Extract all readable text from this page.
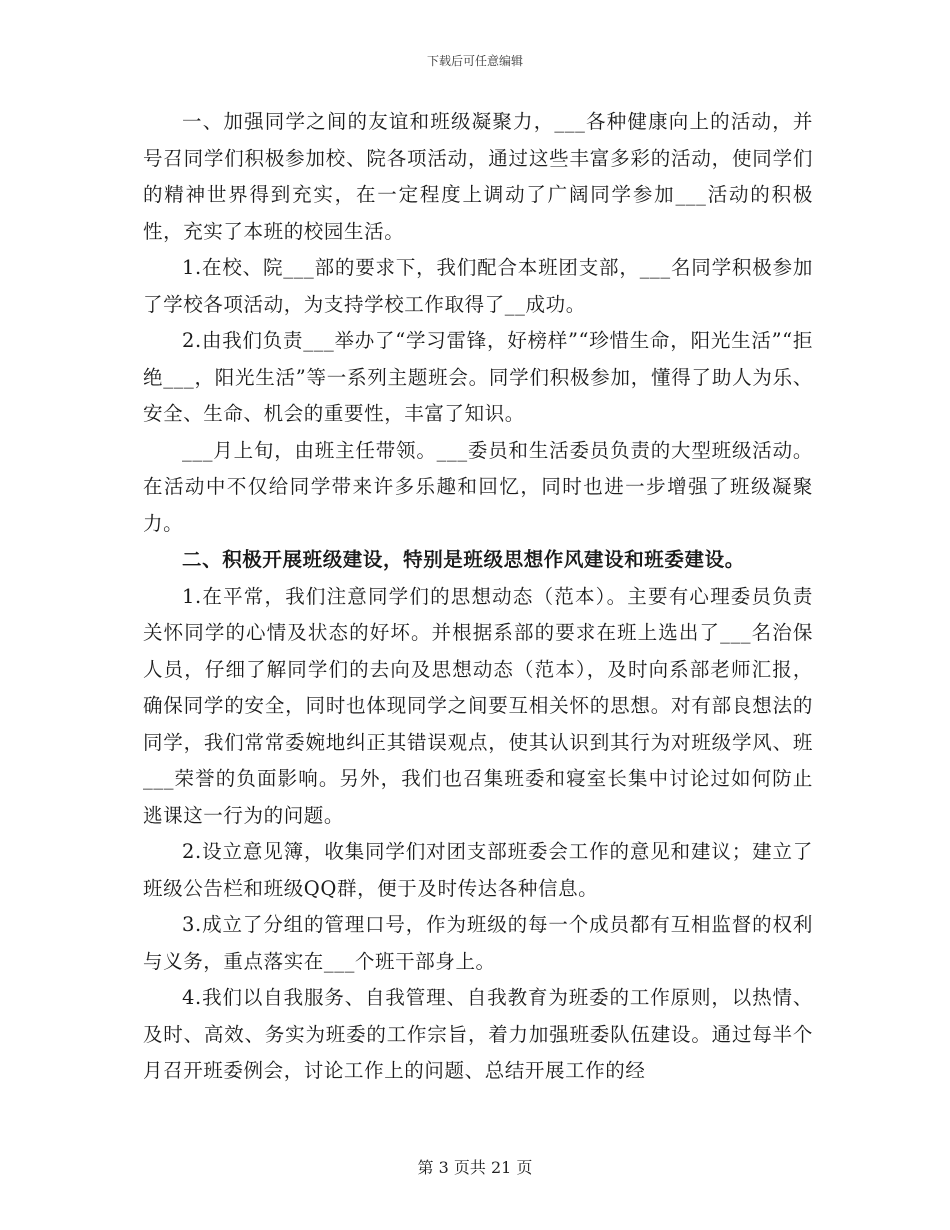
下载后可任意编辑

一、加强同学之间的友谊和班级凝聚力，___各种健康向上的活动，并号召同学们积极参加校、院各项活动，通过这些丰富多彩的活动，使同学们的精神世界得到充实，在一定程度上调动了广阔同学参加___活动的积极性，充实了本班的校园生活。

1.在校、院___部的要求下，我们配合本班团支部，___名同学积极参加了学校各项活动，为支持学校工作取得了__成功。

2.由我们负责___举办了“学习雷锋，好榜样”“珍惜生命，阳光生活”“拒绝___，阳光生活”等一系列主题班会。同学们积极参加，懂得了助人为乐、安全、生命、机会的重要性，丰富了知识。

___月上旬，由班主任带领。___委员和生活委员负责的大型班级活动。在活动中不仅给同学带来许多乐趣和回忆，同时也进一步增强了班级凝聚力。

二、积极开展班级建设，特别是班级思想作风建设和班委建设。

1.在平常，我们注意同学们的思想动态（范本）。主要有心理委员负责关怀同学的心情及状态的好坏。并根据系部的要求在班上选出了___名治保人员，仔细了解同学们的去向及思想动态（范本），及时向系部老师汇报，确保同学的安全，同时也体现同学之间要互相关怀的思想。对有部良想法的同学，我们常常委婉地纠正其错误观点，使其认识到其行为对班级学风、班___荣誉的负面影响。另外，我们也召集班委和寝室长集中讨论过如何防止逃课这一行为的问题。

2.设立意见簿，收集同学们对团支部班委会工作的意见和建议；建立了班级公告栏和班级QQ群，便于及时传达各种信息。

3.成立了分组的管理口号，作为班级的每一个成员都有互相监督的权利与义务，重点落实在___个班干部身上。

4.我们以自我服务、自我管理、自我教育为班委的工作原则，以热情、及时、高效、务实为班委的工作宗旨，着力加强班委队伍建设。通过每半个月召开班委例会，讨论工作上的问题、总结开展工作的经

第 3 页共 21 页
